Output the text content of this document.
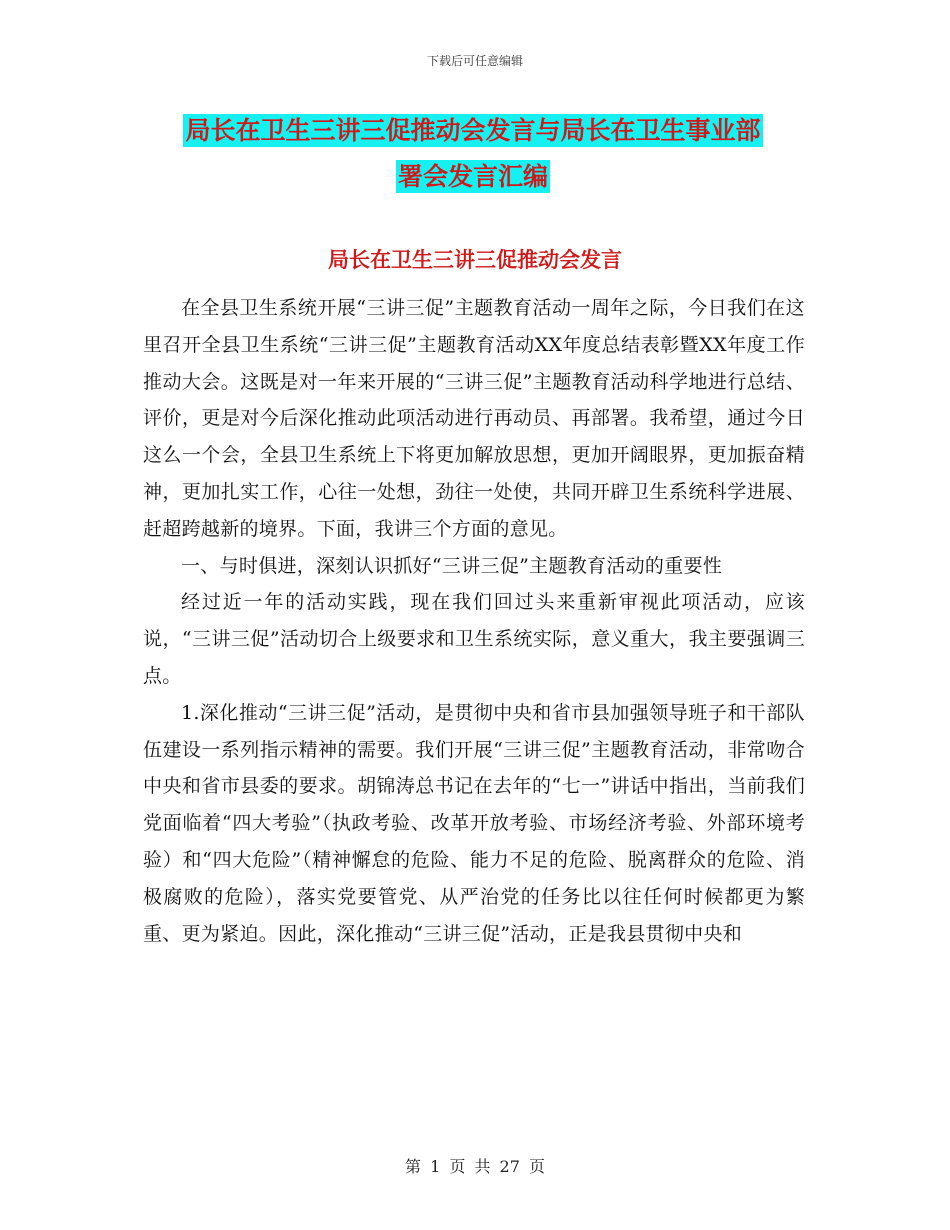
下载后可任意编辑
局长在卫生三讲三促推动会发言与局长在卫生事业部
署会发言汇编
局长在卫生三讲三促推动会发言

在全县卫生系统开展“三讲三促”主题教育活动一周年之际，今日我们在这里召开全县卫生系统“三讲三促”主题教育活动XX年度总结表彰暨XX年度工作推动大会。这既是对一年来开展的“三讲三促”主题教育活动科学地进行总结、评价，更是对今后深化推动此项活动进行再动员、再部署。我希望，通过今日这么一个会，全县卫生系统上下将更加解放思想，更加开阔眼界，更加振奋精神，更加扎实工作，心往一处想，劲往一处使，共同开辟卫生系统科学进展、赶超跨越新的境界。下面，我讲三个方面的意见。

一、与时俱进，深刻认识抓好“三讲三促”主题教育活动的重要性

经过近一年的活动实践，现在我们回过头来重新审视此项活动，应该说，“三讲三促”活动切合上级要求和卫生系统实际，意义重大，我主要强调三点。

1.深化推动“三讲三促”活动，是贯彻中央和省市县加强领导班子和干部队伍建设一系列指示精神的需要。我们开展“三讲三促”主题教育活动，非常吻合中央和省市县委的要求。胡锦涛总书记在去年的“七一”讲话中指出，当前我们党面临着“四大考验”（执政考验、改革开放考验、市场经济考验、外部环境考验）和“四大危险”（精神懈怠的危险、能力不足的危险、脱离群众的危险、消极腐败的危险），落实党要管党、从严治党的任务比以往任何时候都更为繁重、更为紧迫。因此，深化推动“三讲三促”活动，正是我县贯彻中央和

第 1 页 共 27 页
